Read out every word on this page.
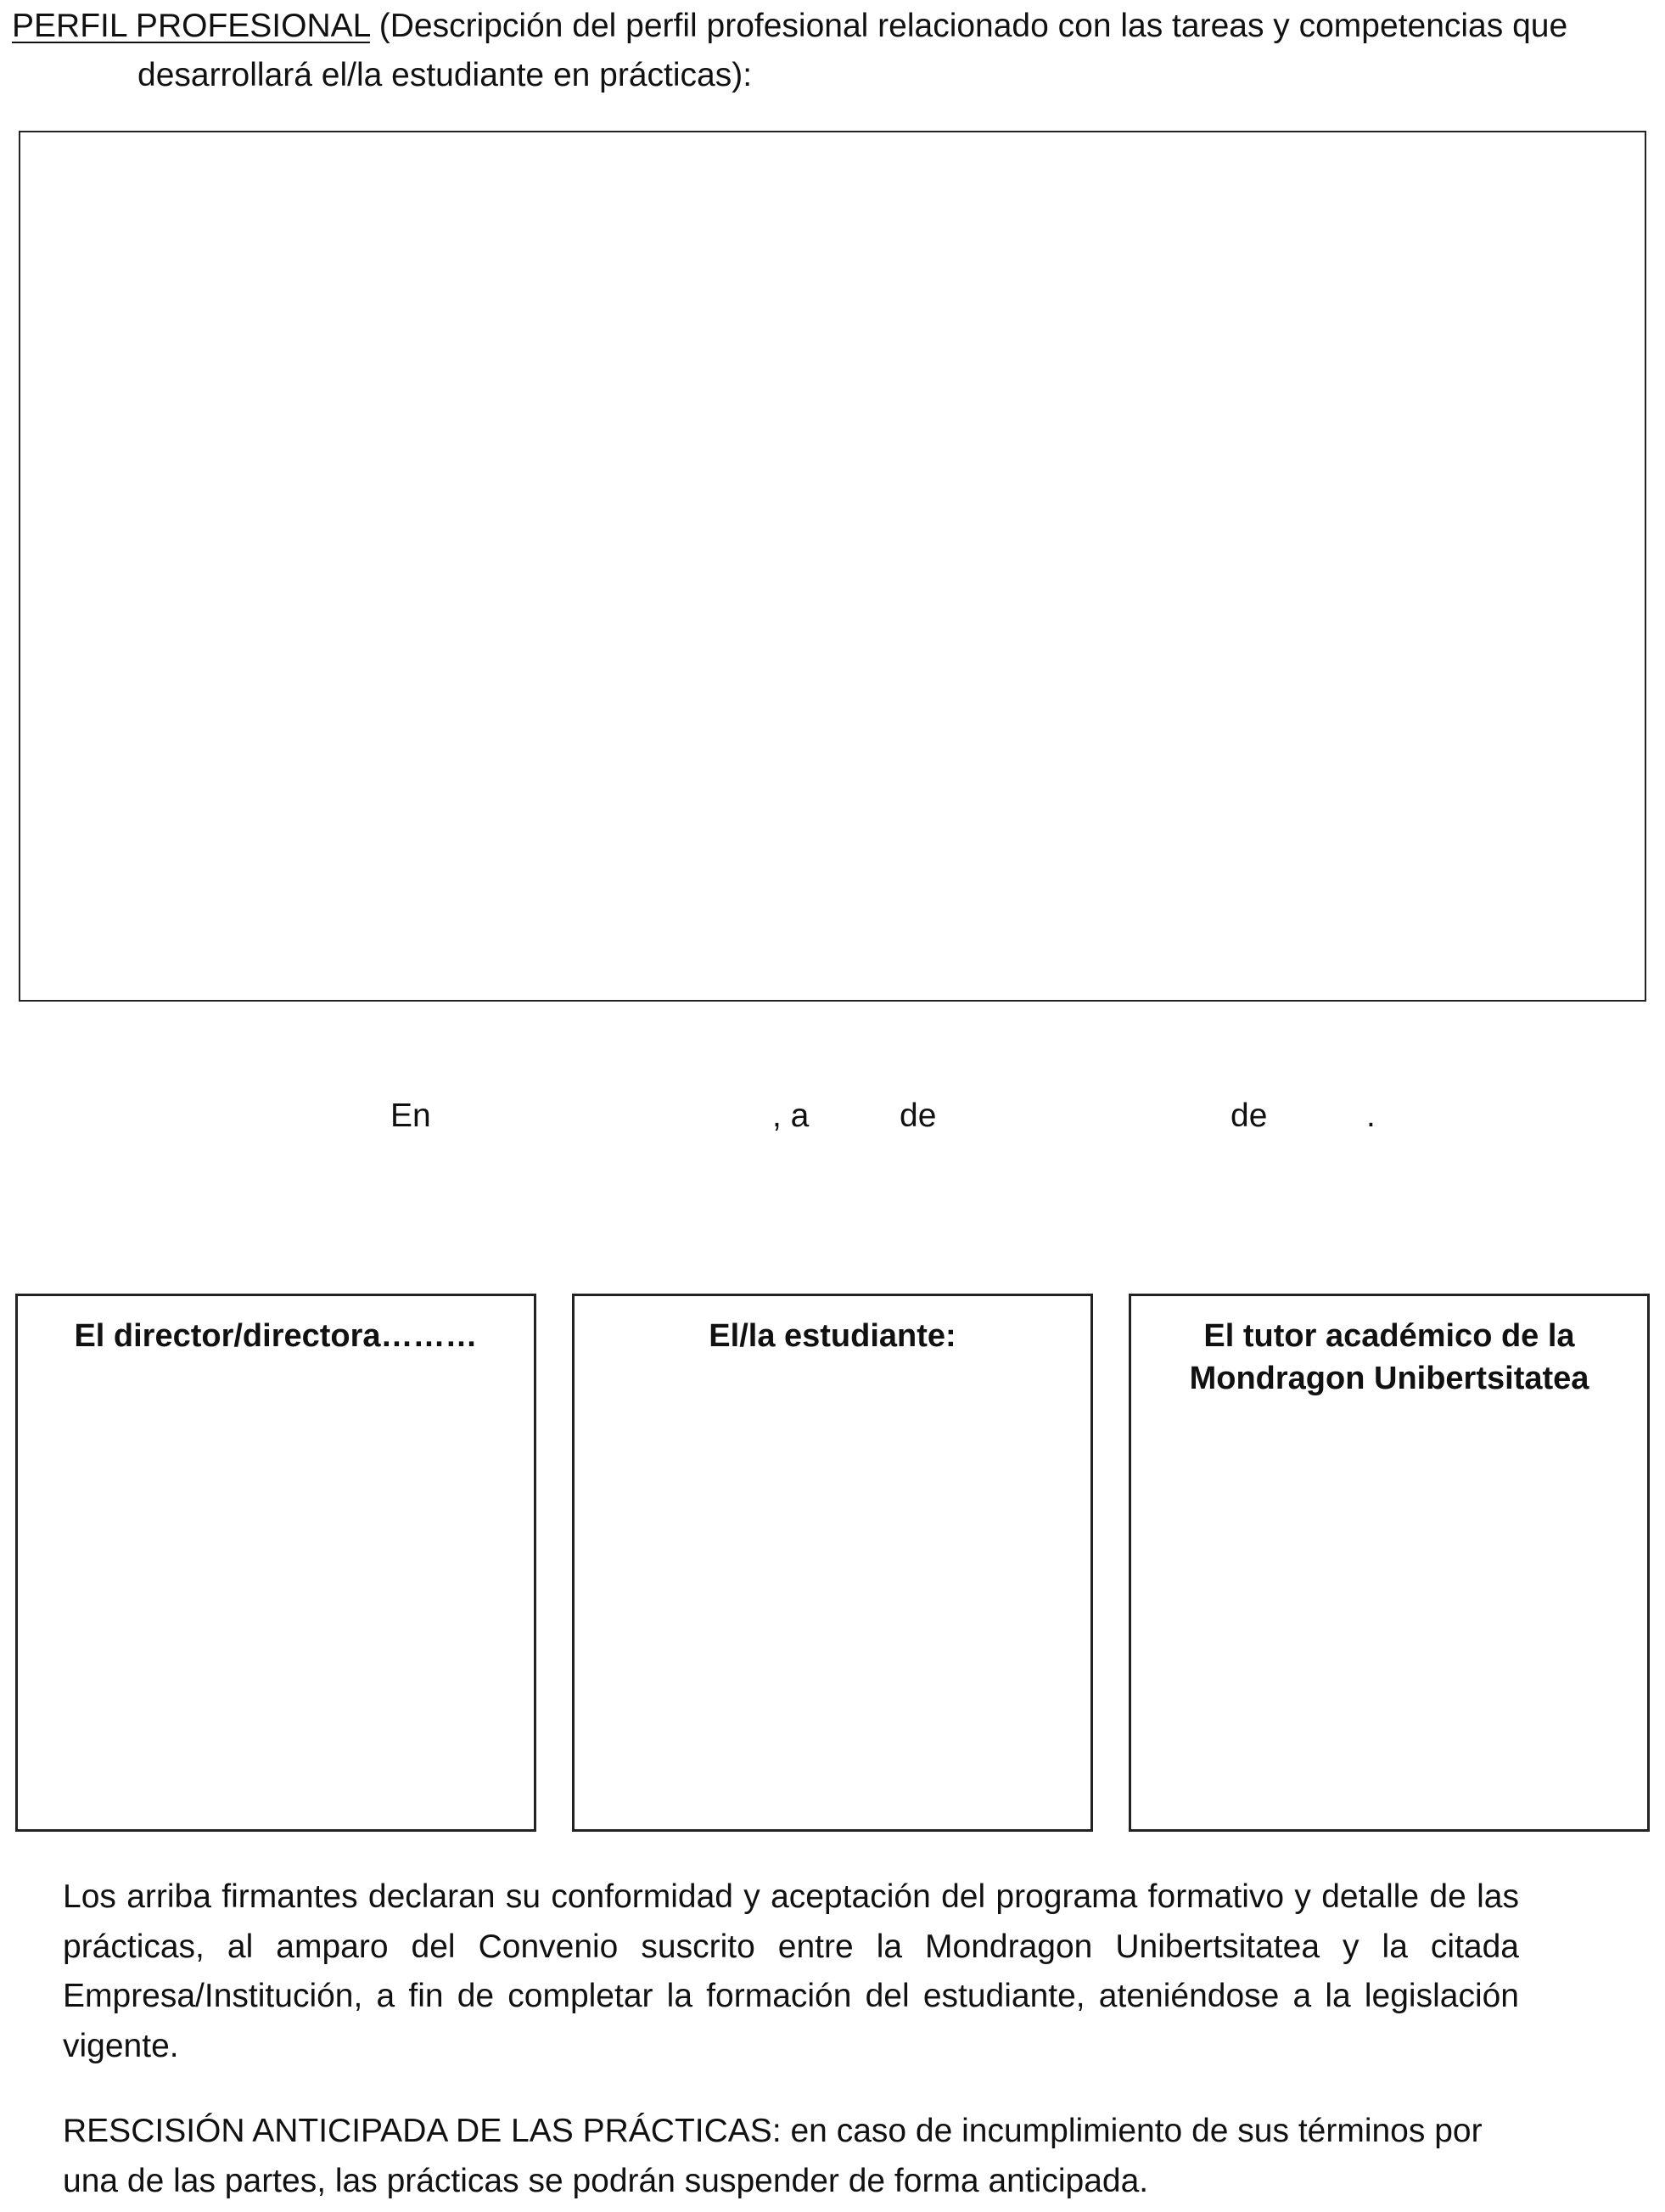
PERFIL PROFESIONAL (Descripción del perfil profesional relacionado con las tareas y competencias que
desarrollará el/la estudiante en prácticas):

En	, a	de	de	.
El director/directora………	El/la estudiante:	El tutor académico de la Mondragon Unibertsitatea

Los arriba firmantes declaran su conformidad y aceptación del programa formativo y detalle de las prácticas, al amparo del Convenio suscrito entre la Mondragon Unibertsitatea y la citada Empresa/Institución, a fin de completar la formación del estudiante, ateniéndose a la legislación vigente.

RESCISIÓN ANTICIPADA DE LAS PRÁCTICAS: en caso de incumplimiento de sus términos por una de las partes, las prácticas se podrán suspender de forma anticipada.
